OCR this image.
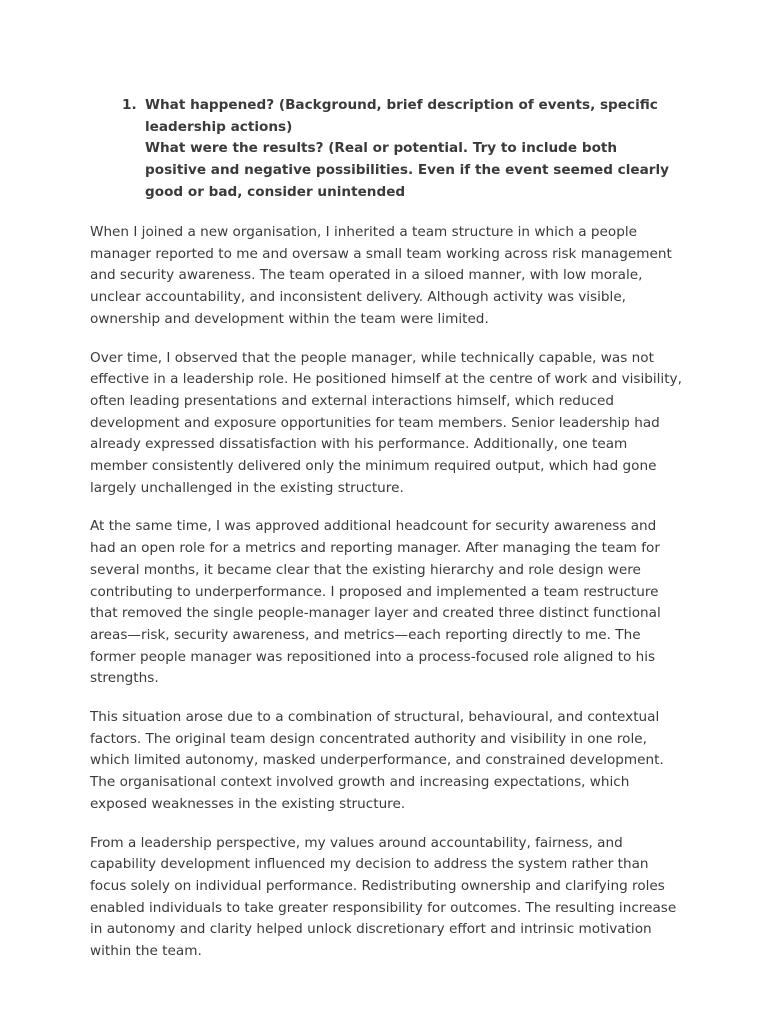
1. What happened? (Background, brief description of events, specific leadership actions)
What were the results? (Real or potential. Try to include both positive and negative possibilities. Even if the event seemed clearly good or bad, consider unintended

When I joined a new organisation, I inherited a team structure in which a people manager reported to me and oversaw a small team working across risk management and security awareness. The team operated in a siloed manner, with low morale, unclear accountability, and inconsistent delivery. Although activity was visible, ownership and development within the team were limited.

Over time, I observed that the people manager, while technically capable, was not effective in a leadership role. He positioned himself at the centre of work and visibility, often leading presentations and external interactions himself, which reduced development and exposure opportunities for team members. Senior leadership had already expressed dissatisfaction with his performance. Additionally, one team member consistently delivered only the minimum required output, which had gone largely unchallenged in the existing structure.

At the same time, I was approved additional headcount for security awareness and had an open role for a metrics and reporting manager. After managing the team for several months, it became clear that the existing hierarchy and role design were contributing to underperformance. I proposed and implemented a team restructure that removed the single people-manager layer and created three distinct functional areas—risk, security awareness, and metrics—each reporting directly to me. The former people manager was repositioned into a process-focused role aligned to his strengths.

This situation arose due to a combination of structural, behavioural, and contextual factors. The original team design concentrated authority and visibility in one role, which limited autonomy, masked underperformance, and constrained development. The organisational context involved growth and increasing expectations, which exposed weaknesses in the existing structure.

From a leadership perspective, my values around accountability, fairness, and capability development influenced my decision to address the system rather than focus solely on individual performance. Redistributing ownership and clarifying roles enabled individuals to take greater responsibility for outcomes. The resulting increase in autonomy and clarity helped unlock discretionary effort and intrinsic motivation within the team.
